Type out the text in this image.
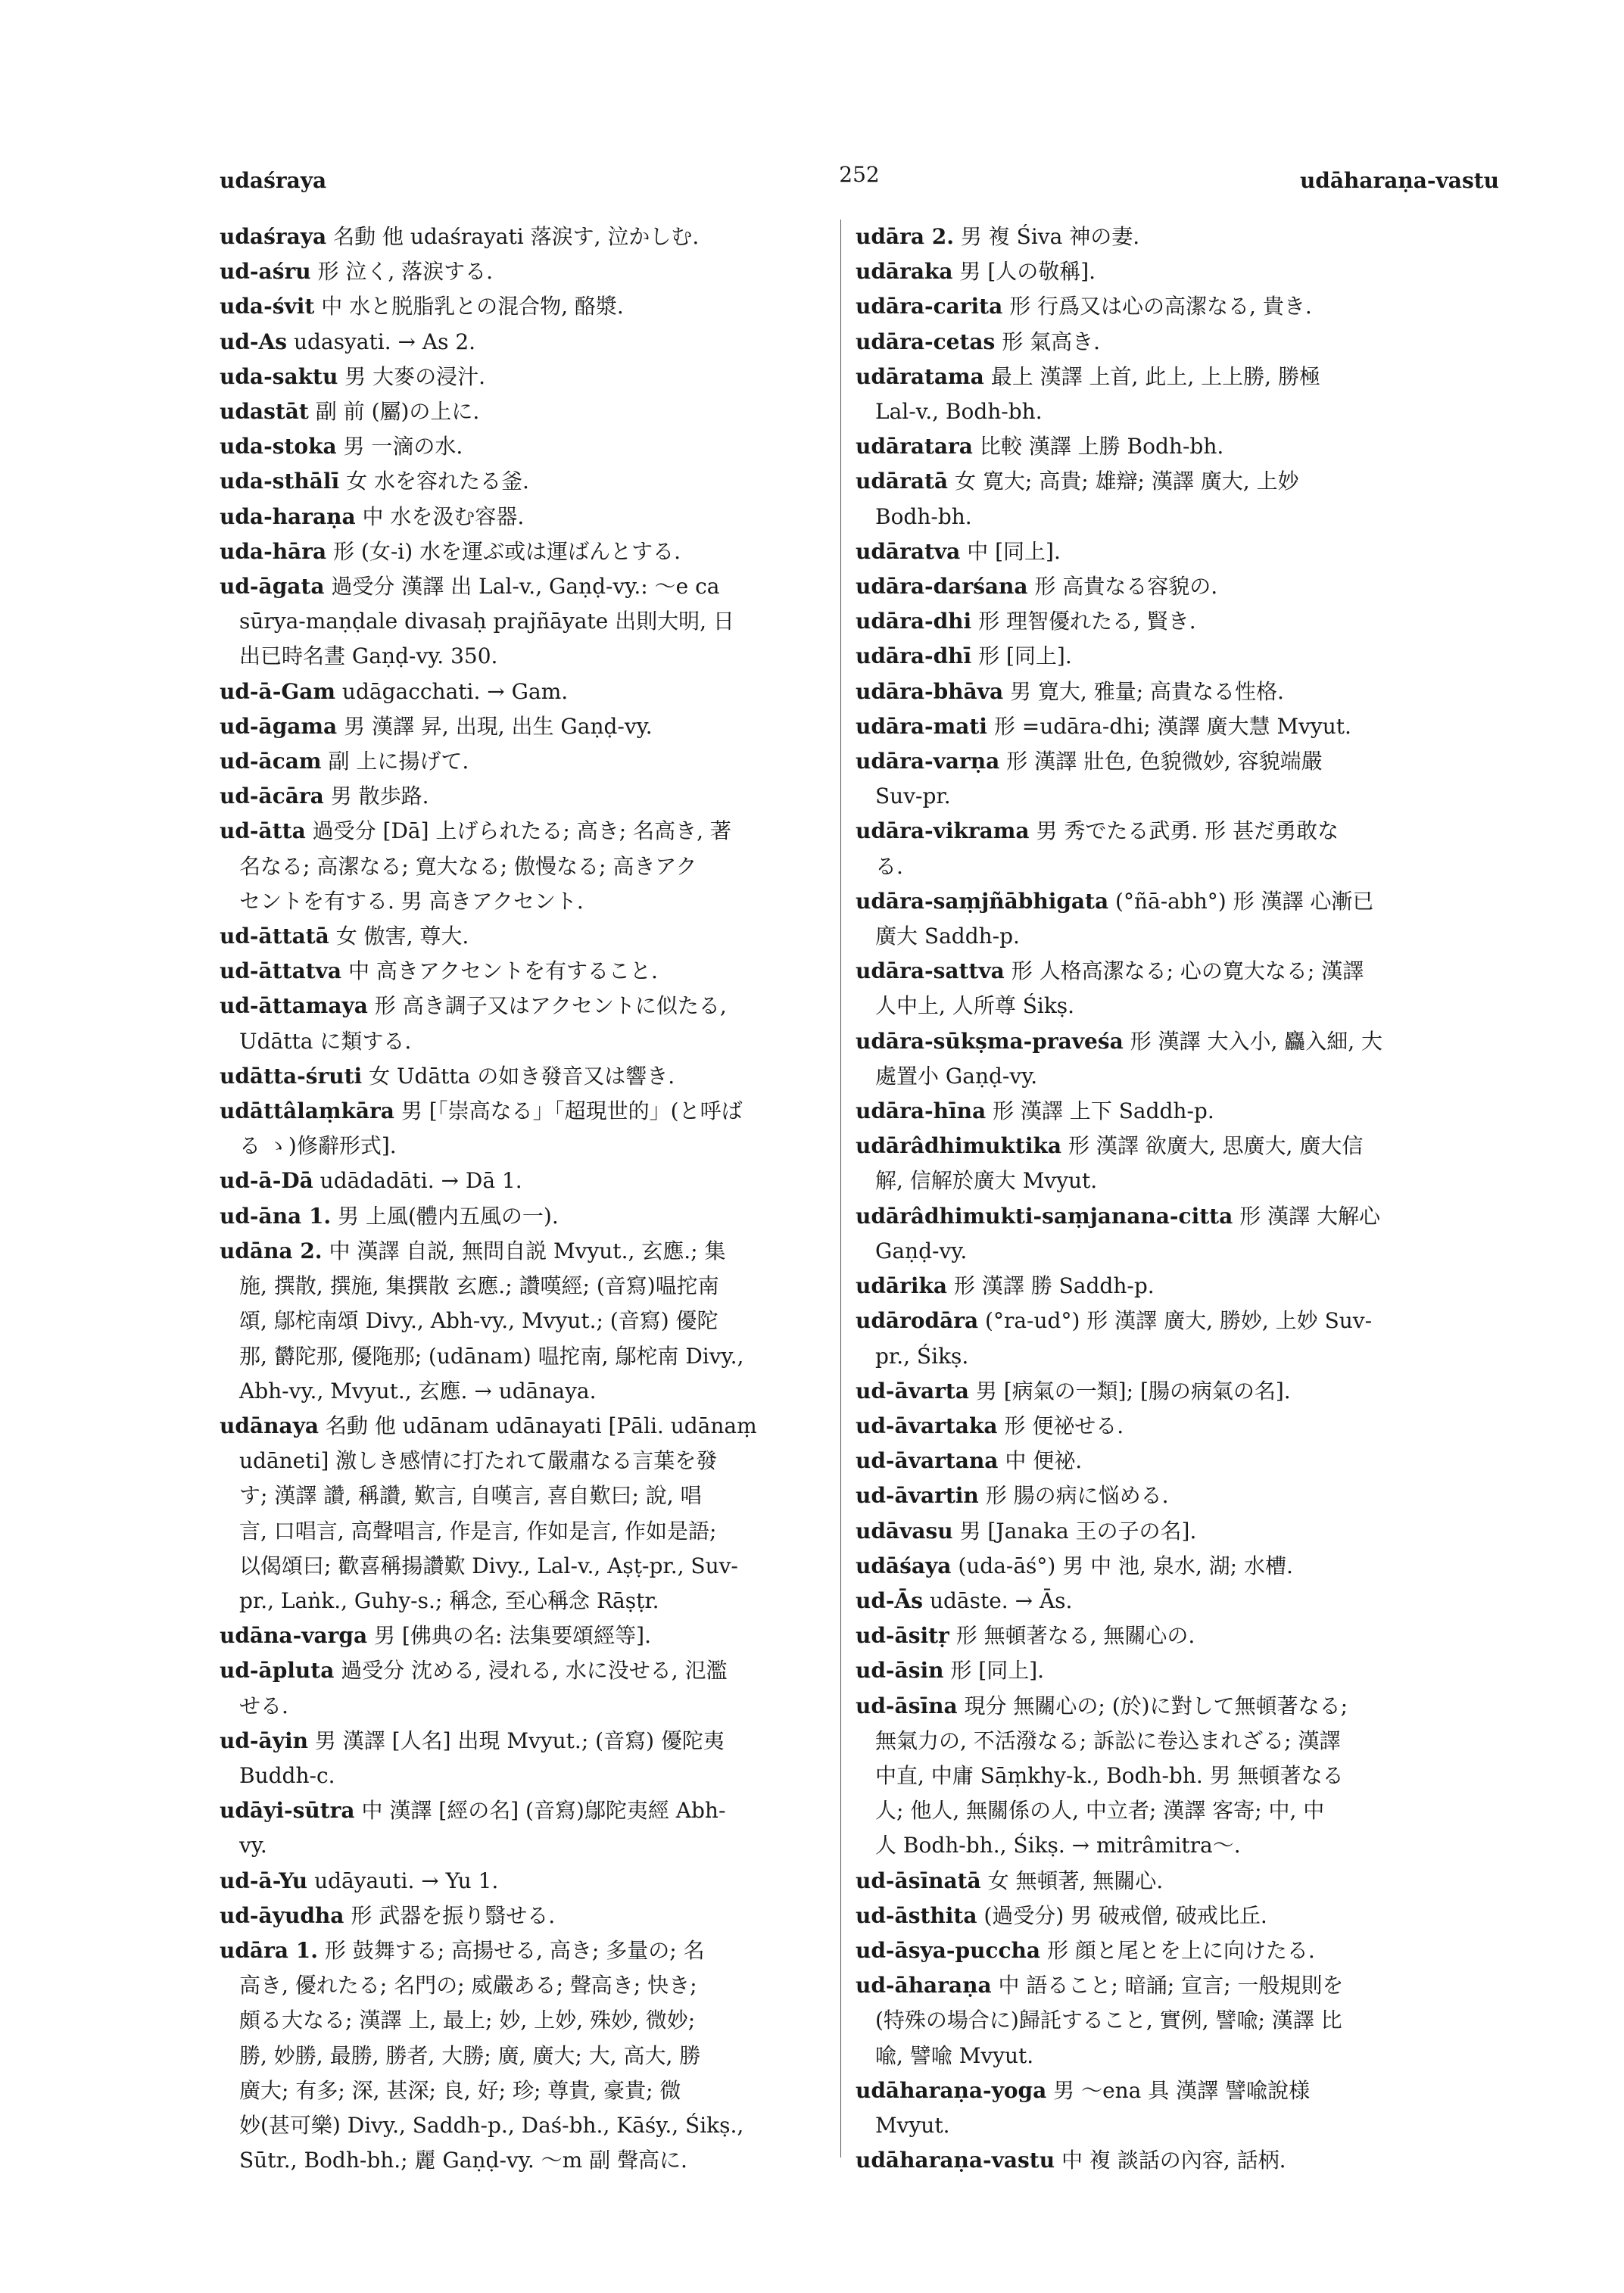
udaśraya	252	udāharaṇa-vastu
udaśraya 名動 他 udaśrayati 落涙す, 泣かしむ.
ud-aśru 形 泣く, 落涙する.
uda-śvit 中 水と脱脂乳との混合物, 酪漿.
ud-As udasyati. → As 2.
uda-saktu 男 大麥の浸汁.
udastāt 副 前 (屬)の上に.
uda-stoka 男 一滴の水.
uda-sthālī 女 水を容れたる釜.
uda-haraṇa 中 水を汲む容器.
uda-hāra 形 (女-i) 水を運ぶ或は運ばんとする.
ud-āgata 過受分 漢譯 出 Lal-v., Gaṇḍ-vy.: ～e ca
sūrya-maṇḍale divasaḥ prajñāyate 出則大明, 日
出已時名晝 Gaṇḍ-vy. 350.
ud-ā-Gam udāgacchati. → Gam.
ud-āgama 男 漢譯 昇, 出現, 出生 Gaṇḍ-vy.
ud-ācam 副 上に揚げて.
ud-ācāra 男 散歩路.
ud-ātta 過受分 [Dā] 上げられたる; 高き; 名高き, 著
名なる; 高潔なる; 寛大なる; 傲慢なる; 高きアク
セントを有する. 男 高きアクセント.
ud-āttatā 女 傲害, 尊大.
ud-āttatva 中 高きアクセントを有すること.
ud-āttamaya 形 高き調子又はアクセントに似たる,
Udātta に類する.
udātta-śruti 女 Udātta の如き發音又は響き.
udāttâlaṃkāra 男 [「崇高なる」「超現世的」(と呼ば
る ゝ)修辭形式].
ud-ā-Dā udādadāti. → Dā 1.
ud-āna 1. 男 上風(體内五風の一).
udāna 2. 中 漢譯 自説, 無問自説 Mvyut., 玄應.; 集
施, 撰散, 撰施, 集撰散 玄應.; 讚嘆經; (音寫)嗢拕南
頌, 鄔柁南頌 Divy., Abh-vy., Mvyut.; (音寫) 優陀
那, 欝陀那, 優陁那; (udānam) 嗢拕南, 鄔柁南 Divy.,
Abh-vy., Mvyut., 玄應. → udānaya.
udānaya 名動 他 udānam udānayati [Pāli. udānaṃ
udāneti] 激しき感情に打たれて嚴肅なる言葉を發
す; 漢譯 讚, 稱讚, 歎言, 自嘆言, 喜自歎曰; 說, 唱
言, 口唱言, 高聲唱言, 作是言, 作如是言, 作如是語;
以偈頌曰; 歡喜稱揚讚歎 Divy., Lal-v., Aṣṭ-pr., Suv-
pr., Laṅk., Guhy-s.; 稱念, 至心稱念 Rāṣṭr.
udāna-varga 男 [佛典の名: 法集要頌經等].
ud-āpluta 過受分 沈める, 浸れる, 水に没せる, 氾濫
せる.
ud-āyin 男 漢譯 [人名] 出現 Mvyut.; (音寫) 優陀夷
Buddh-c.
udāyi-sūtra 中 漢譯 [經の名] (音寫)鄔陀夷經 Abh-
vy.
ud-ā-Yu udāyauti. → Yu 1.
ud-āyudha 形 武器を振り翳せる.
udāra 1. 形 鼓舞する; 高揚せる, 高き; 多量の; 名
高き, 優れたる; 名門の; 威嚴ある; 聲高き; 快き;
頗る大なる; 漢譯 上, 最上; 妙, 上妙, 殊妙, 微妙;
勝, 妙勝, 最勝, 勝者, 大勝; 廣, 廣大; 大, 高大, 勝
廣大; 有多; 深, 甚深; 良, 好; 珍; 尊貴, 豪貴; 微
妙(甚可樂) Divy., Saddh-p., Daś-bh., Kāśy., Śikṣ.,
Sūtr., Bodh-bh.; 麗 Gaṇḍ-vy. ～m 副 聲高に.
udāra 2. 男 複 Śiva 神の妻.
udāraka 男 [人の敬稱].
udāra-carita 形 行爲又は心の高潔なる, 貴き.
udāra-cetas 形 氣高き.
udāratama 最上 漢譯 上首, 此上, 上上勝, 勝極
Lal-v., Bodh-bh.
udāratara 比較 漢譯 上勝 Bodh-bh.
udāratā 女 寛大; 高貴; 雄辯; 漢譯 廣大, 上妙
Bodh-bh.
udāratva 中 [同上].
udāra-darśana 形 高貴なる容貌の.
udāra-dhi 形 理智優れたる, 賢き.
udāra-dhī 形 [同上].
udāra-bhāva 男 寛大, 雅量; 高貴なる性格.
udāra-mati 形 =udāra-dhi; 漢譯 廣大慧 Mvyut.
udāra-varṇa 形 漢譯 壯色, 色貌微妙, 容貌端嚴
Suv-pr.
udāra-vikrama 男 秀でたる武勇. 形 甚だ勇敢な
る.
udāra-saṃjñābhigata (°ñā-abh°) 形 漢譯 心漸已
廣大 Saddh-p.
udāra-sattva 形 人格高潔なる; 心の寛大なる; 漢譯
人中上, 人所尊 Śikṣ.
udāra-sūkṣma-praveśa 形 漢譯 大入小, 麤入細, 大
處置小 Gaṇḍ-vy.
udāra-hīna 形 漢譯 上下 Saddh-p.
udārâdhimuktika 形 漢譯 欲廣大, 思廣大, 廣大信
解, 信解於廣大 Mvyut.
udārâdhimukti-saṃjanana-citta 形 漢譯 大解心
Gaṇḍ-vy.
udārika 形 漢譯 勝 Saddh-p.
udārodāra (°ra-ud°) 形 漢譯 廣大, 勝妙, 上妙 Suv-
pr., Śikṣ.
ud-āvarta 男 [病氣の一類]; [腸の病氣の名].
ud-āvartaka 形 便祕せる.
ud-āvartana 中 便祕.
ud-āvartin 形 腸の病に悩める.
udāvasu 男 [Janaka 王の子の名].
udāśaya (uda-āś°) 男 中 池, 泉水, 湖; 水槽.
ud-Ās udāste. → Ās.
ud-āsitṛ 形 無頓著なる, 無關心の.
ud-āsin 形 [同上].
ud-āsīna 現分 無關心の; (於)に對して無頓著なる;
無氣力の, 不活潑なる; 訴訟に卷込まれざる; 漢譯
中直, 中庸 Sāṃkhy-k., Bodh-bh. 男 無頓著なる
人; 他人, 無關係の人, 中立者; 漢譯 客寄; 中, 中
人 Bodh-bh., Śikṣ. → mitrâmitra～.
ud-āsīnatā 女 無頓著, 無關心.
ud-āsthita (過受分) 男 破戒僧, 破戒比丘.
ud-āsya-puccha 形 顔と尾とを上に向けたる.
ud-āharaṇa 中 語ること; 暗誦; 宣言; 一般規則を
(特殊の場合に)歸託すること, 實例, 譬喩; 漢譯 比
喩, 譬喩 Mvyut.
udāharaṇa-yoga 男 ～ena 具 漢譯 譬喩說様
Mvyut.
udāharaṇa-vastu 中 複 談話の內容, 話柄.
